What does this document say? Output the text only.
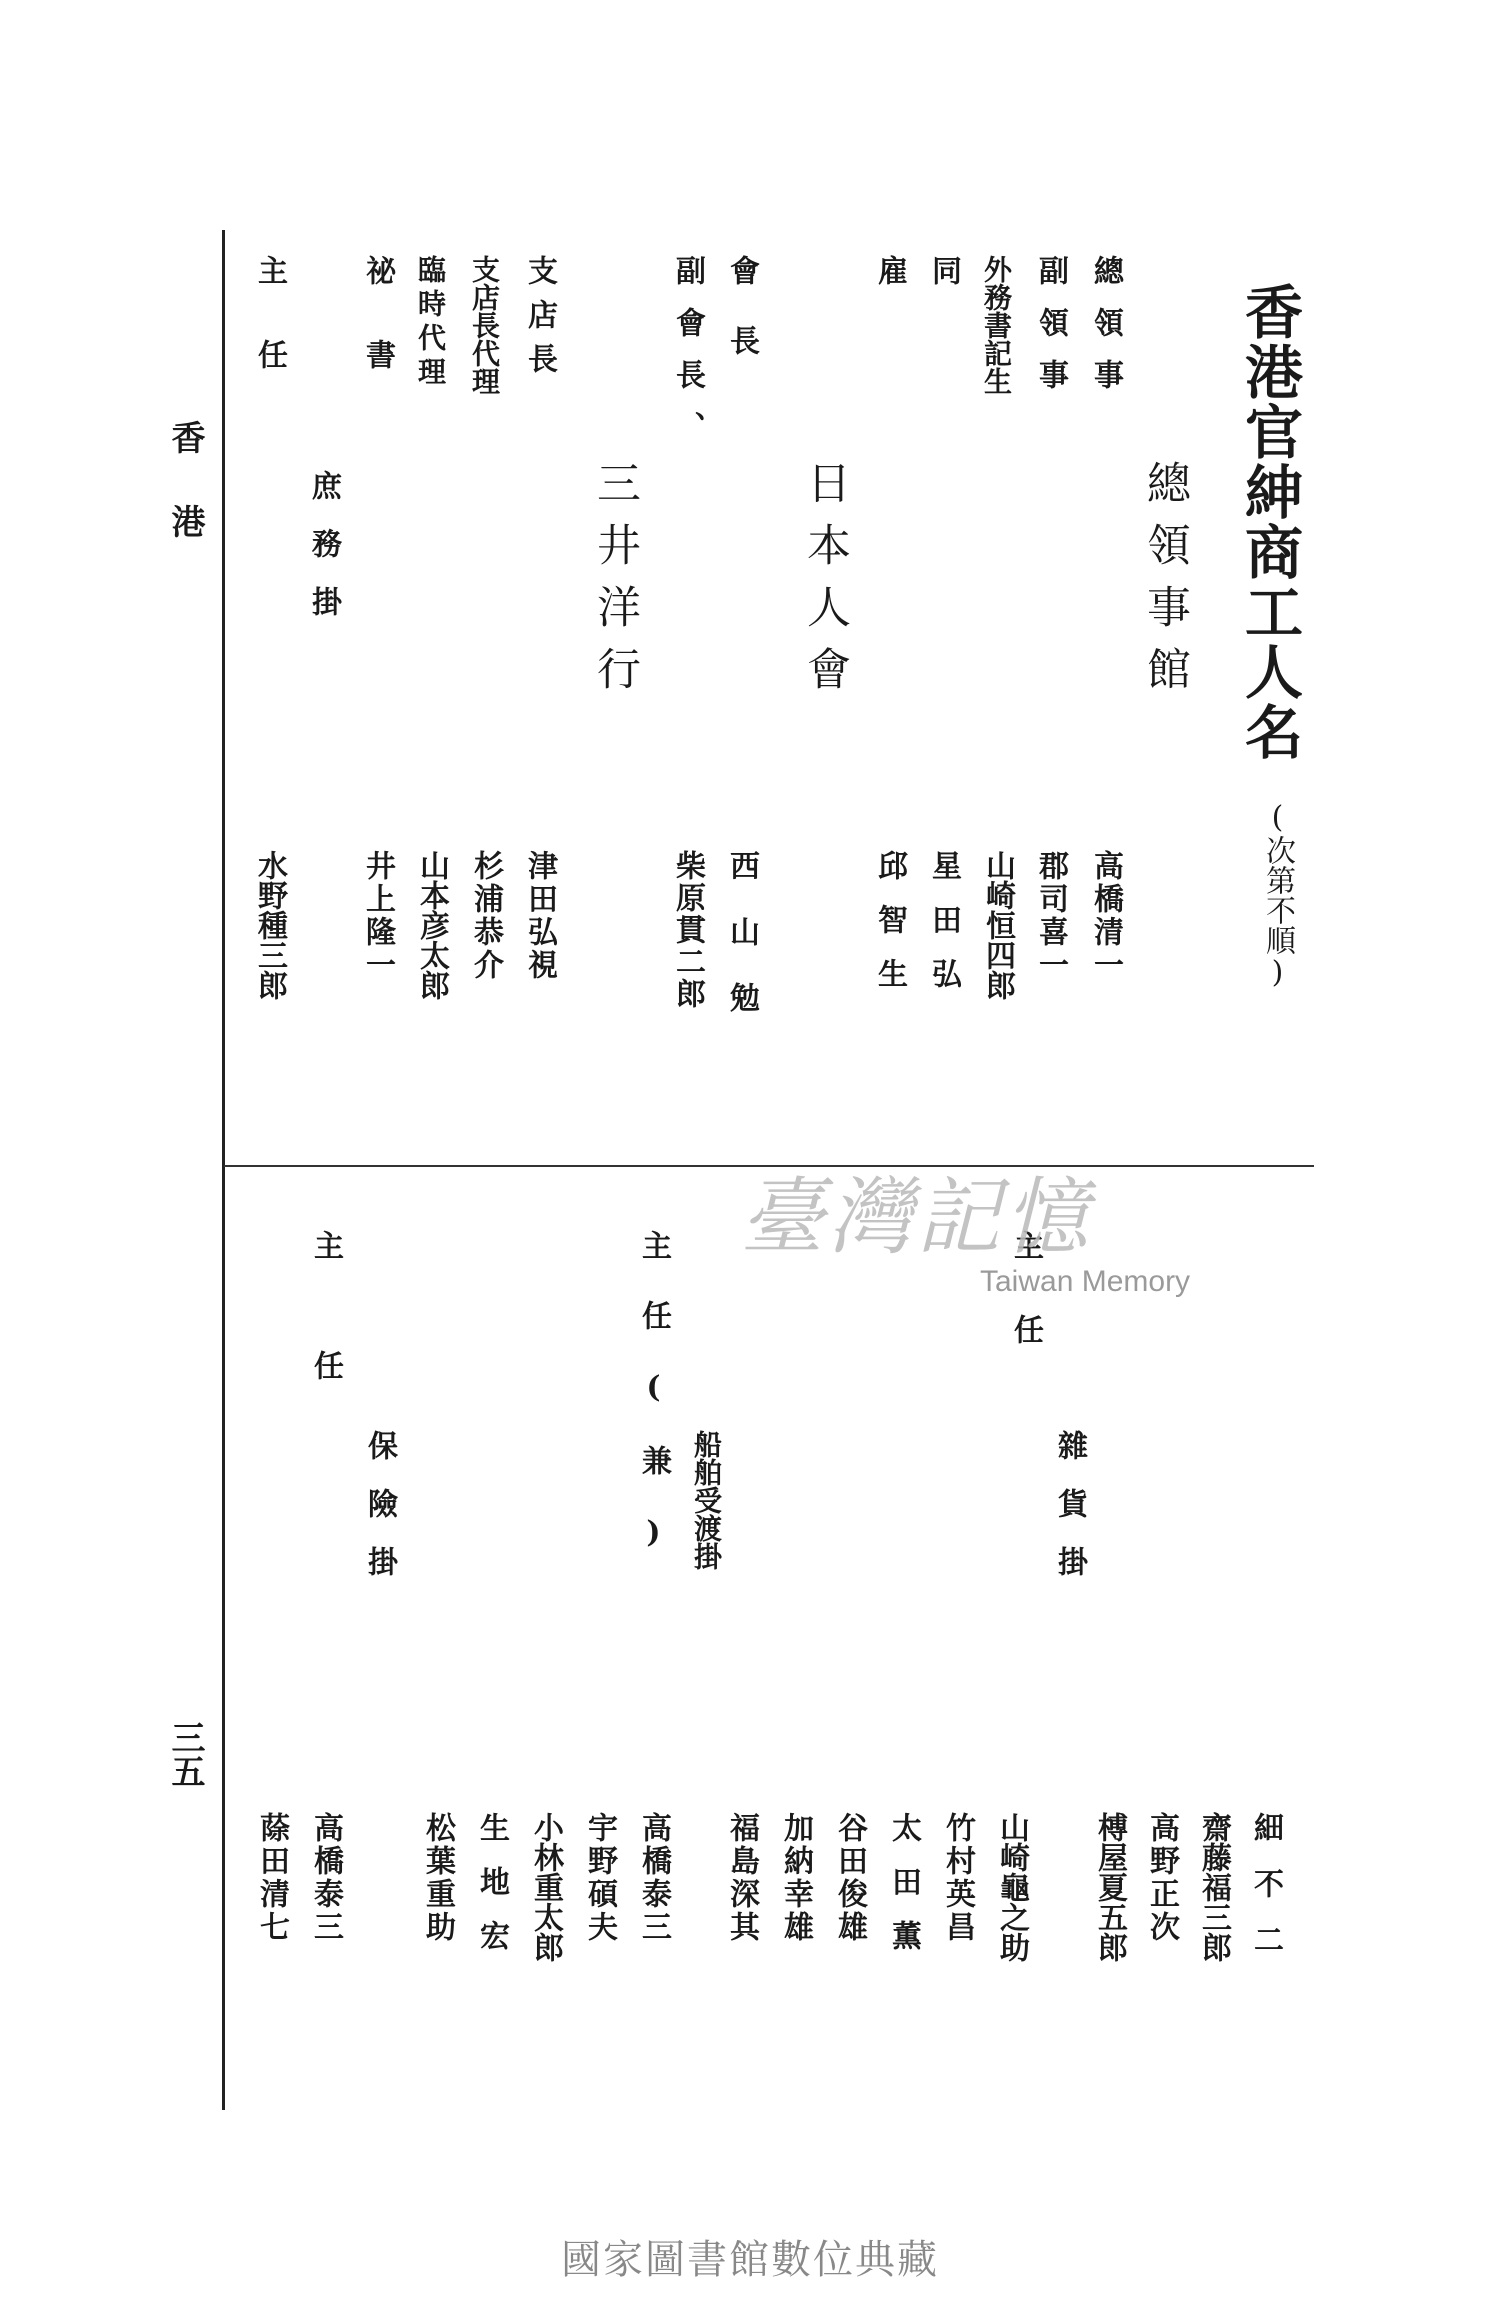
香港
三五
香港官紳商工人名
(次第不順)
總領事館
總領事
高橋清一
副領事
郡司喜一
外務書記生
山崎恒四郎
同
星田弘
雇
邱智生
日本人會
會長
西山勉
副會長、
柴原貫二郎
三井洋行
支店長
津田弘視
支店長代理
杉浦恭介
臨時代理
山本彦太郎
祕書
井上隆一
庶務掛
主任
水野種三郎
細不二
齋藤福三郎
高野正次
榑屋夏五郎
主任
雜貨掛
山崎龜之助
竹村英昌
太田薫
谷田俊雄
加納幸雄
福島深其
主任(兼) 船舶受渡掛
高橋泰三
宇野碩夫
小林重太郎
生地宏
松葉重助
主任
保險掛
高橋泰三
蒢田清七
臺灣記憶
Taiwan Memory
國家圖書館數位典藏
